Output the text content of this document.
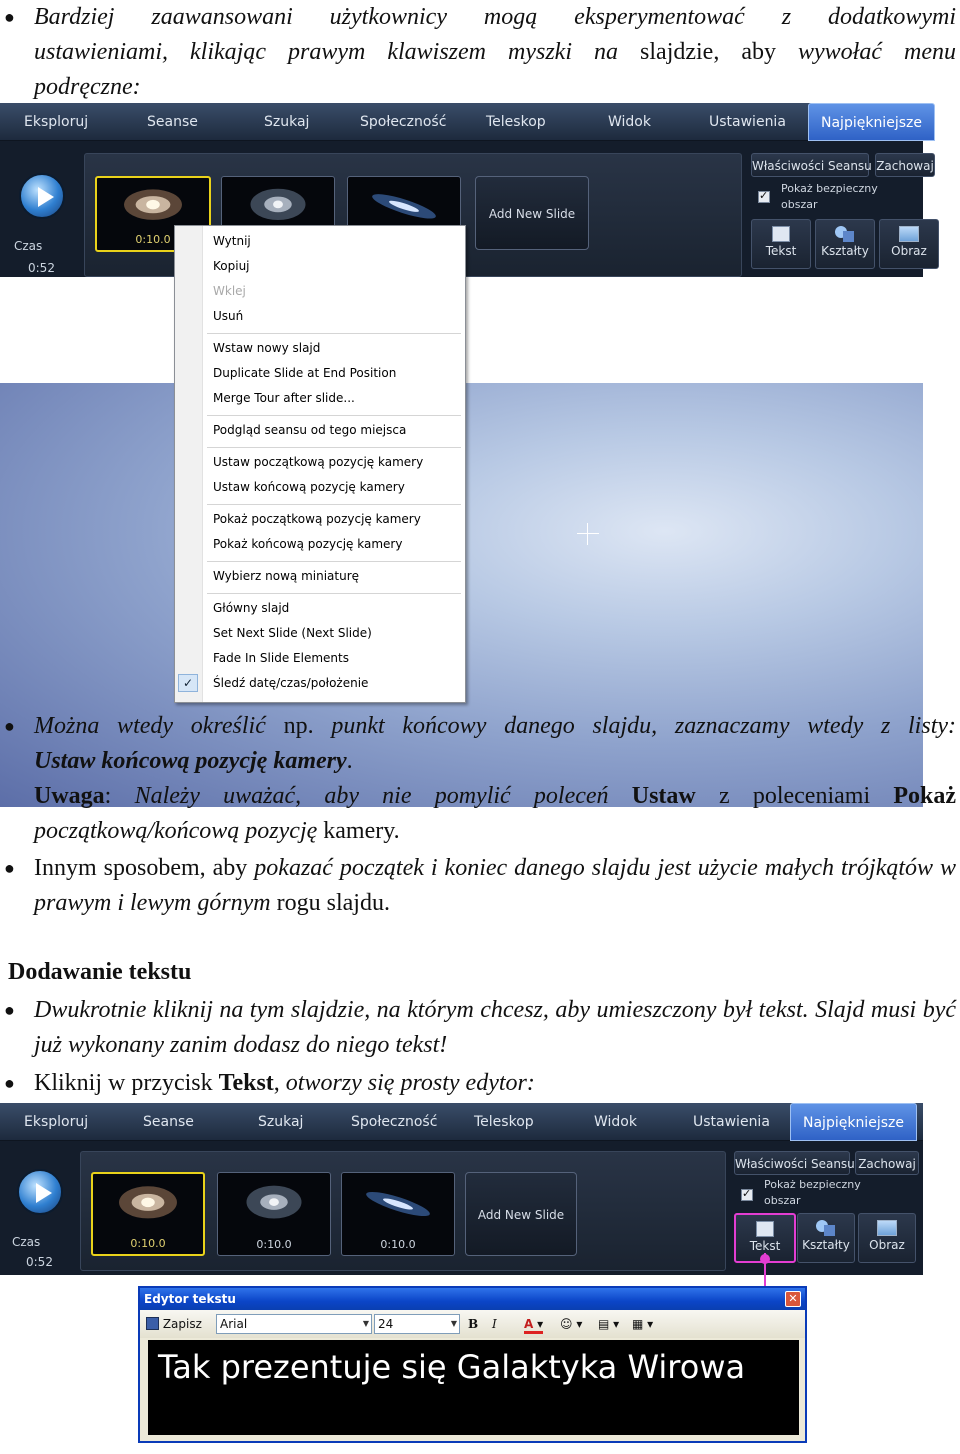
● Bardziej zaawansowani użytkownicy mogą eksperymentować z dodatkowymi
ustawieniami, klikając prawym klawiszem myszki na slajdzie, aby wywołać menu
podręczne:
Eksploruj	Seanse	Szukaj	Społeczność	Teleskop	Widok	Ustawienia	Najpiękniejsze
Czas
0:52
0:10.0
Add New Slide
Właściwości Seansu Zachowaj
✓
Pokaż bezpieczny obszar
Tekst	Kształty	Obraz
Wytnij
Kopiuj
Wklej
Usuń
Wstaw nowy slajd
Duplicate Slide at End Position
Merge Tour after slide...
Podgląd seansu od tego miejsca
Ustaw początkową pozycję kamery
Ustaw końcową pozycję kamery
Pokaż początkową pozycję kamery
Pokaż końcową pozycję kamery
Wybierz nową miniaturę
Główny slajd
Set Next Slide (Next Slide)
Fade In Slide Elements
✓	Śledź datę/czas/położenie
● Można wtedy określić np. punkt końcowy danego slajdu, zaznaczamy wtedy z listy:
Ustaw końcową pozycję kamery.
Uwaga: Należy uważać, aby nie pomylić poleceń Ustaw z poleceniami Pokaż
początkową/końcową pozycję kamery.
● Innym sposobem, aby pokazać początek i koniec danego slajdu jest użycie małych trójkątów w prawym i lewym górnym rogu slajdu.
Dodawanie tekstu
● Dwukrotnie kliknij na tym slajdzie, na którym chcesz, aby umieszczony był tekst. Slajd musi być już wykonany zanim dodasz do niego tekst!
● Kliknij w przycisk Tekst, otworzy się prosty edytor:
Eksploruj	Seanse	Szukaj	Społeczność	Teleskop	Widok	Ustawienia	Najpiękniejsze
Czas
0:52
0:10.0	0:10.0	0:10.0
Add New Slide
Właściwości Seansu Zachowaj
✓
Pokaż bezpieczny obszar
Tekst	Kształty	Obraz
Edytor tekstu	✕
Zapisz	Arial	▼ 24	▼ B I A ▾ ☺ ▾ ▤ ▾ ▦ ▾
Tak prezentuje się Galaktyka Wirowa
